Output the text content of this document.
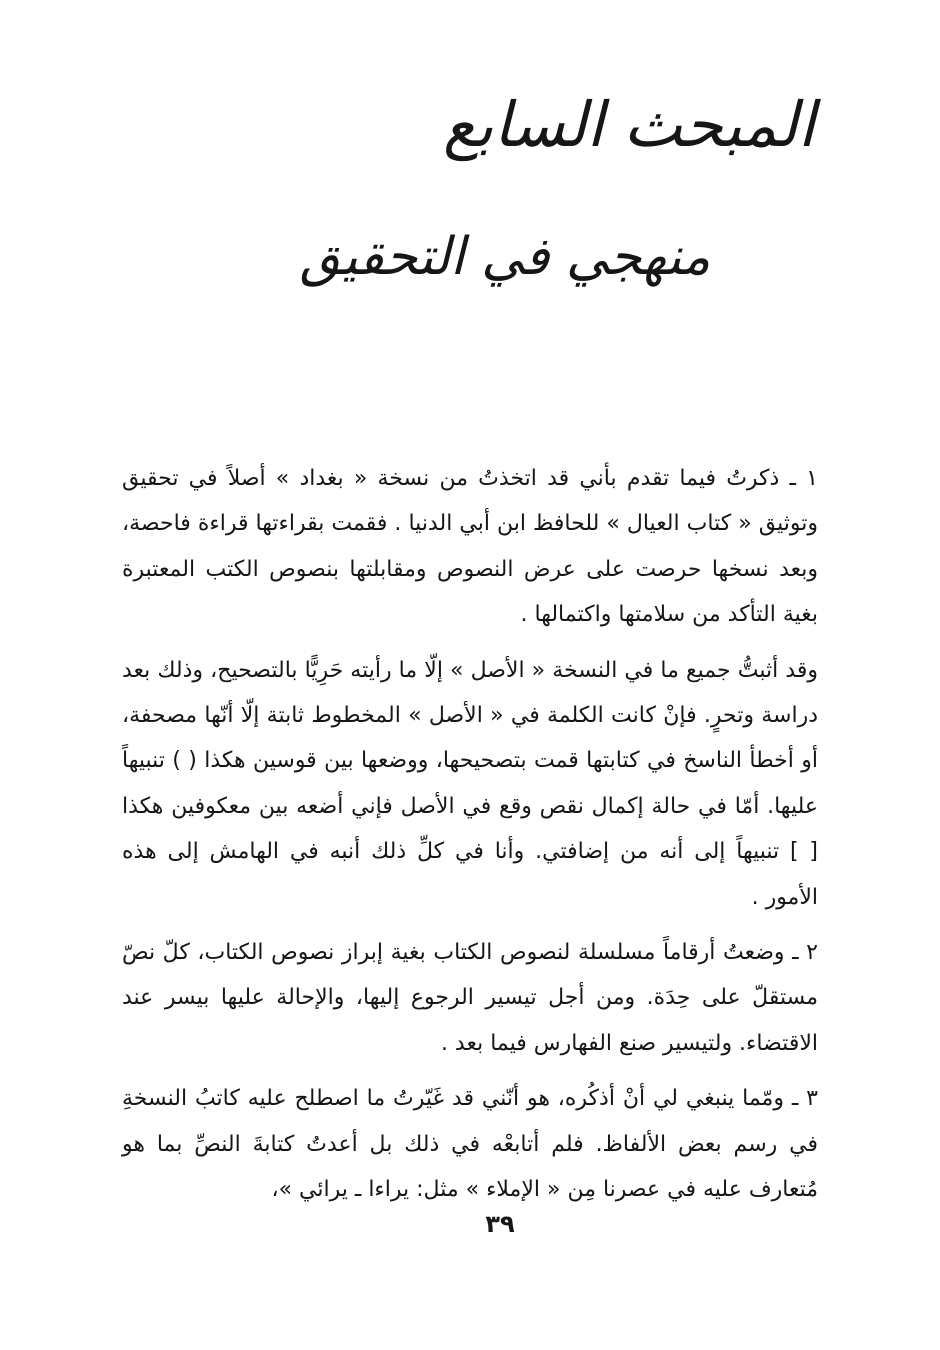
المبحث السابع
منهجي في التحقيق

١ ـ ذكرتُ فيما تقدم بأني قد اتخذتُ من نسخة « بغداد » أصلاً في تحقيق وتوثيق « كتاب العيال » للحافظ ابن أبي الدنيا . فقمت بقراءتها قراءة فاحصة، وبعد نسخها حرصت على عرض النصوص ومقابلتها بنصوص الكتب المعتبرة بغية التأكد من سلامتها واكتمالها .

وقد أثبتُّ جميع ما في النسخة « الأصل » إلّا ما رأيته حَرِيًّا بالتصحيح، وذلك بعد دراسة وتحرٍ. فإنْ كانت الكلمة في « الأصل » المخطوط ثابتة إلّا أنّها مصحفة، أو أخطأ الناسخ في كتابتها قمت بتصحيحها، ووضعها بين قوسين هكذا ( ) تنبيهاً عليها. أمّا في حالة إكمال نقص وقع في الأصل فإني أضعه بين معكوفين هكذا [ ] تنبيهاً إلى أنه من إضافتي. وأنا في كلِّ ذلك أنبه في الهامش إلى هذه الأمور .

٢ ـ وضعتُ أرقاماً مسلسلة لنصوص الكتاب بغية إبراز نصوص الكتاب، كلّ نصّ مستقلّ على حِدَة. ومن أجل تيسير الرجوع إليها، والإحالة عليها بيسر عند الاقتضاء. ولتيسير صنع الفهارس فيما بعد .

٣ ـ ومّما ينبغي لي أنْ أذكُره، هو أنّني قد غَيّرتُ ما اصطلح عليه كاتبُ النسخةِ في رسم بعض الألفاظ. فلم أتابعْه في ذلك بل أعدتُ كتابةَ النصِّ بما هو مُتعارف عليه في عصرنا مِن « الإملاء » مثل: يراءا ـ يرائي »،

٣٩
